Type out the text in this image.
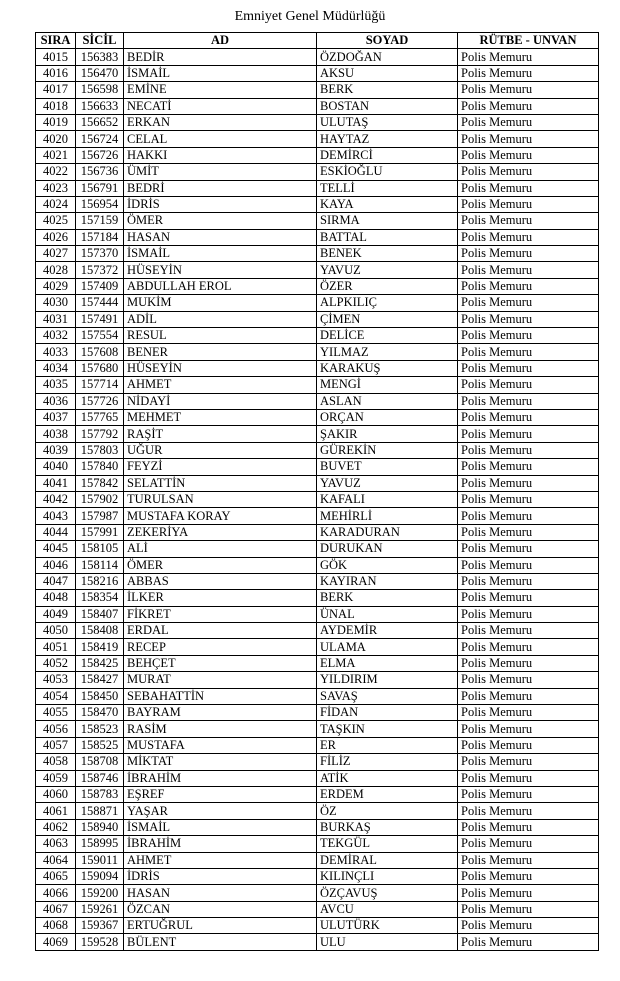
Emniyet Genel Müdürlüğü
SIRA	SİCİL	AD	SOYAD	RÜTBE - UNVAN
4015	156383	BEDİR	ÖZDOĞAN	Polis Memuru
4016	156470	İSMAİL	AKSU	Polis Memuru
4017	156598	EMİNE	BERK	Polis Memuru
4018	156633	NECATİ	BOSTAN	Polis Memuru
4019	156652	ERKAN	ULUTAŞ	Polis Memuru
4020	156724	CELAL	HAYTAZ	Polis Memuru
4021	156726	HAKKI	DEMİRCİ	Polis Memuru
4022	156736	ÜMİT	ESKİOĞLU	Polis Memuru
4023	156791	BEDRİ	TELLİ	Polis Memuru
4024	156954	İDRİS	KAYA	Polis Memuru
4025	157159	ÖMER	SIRMA	Polis Memuru
4026	157184	HASAN	BATTAL	Polis Memuru
4027	157370	İSMAİL	BENEK	Polis Memuru
4028	157372	HÜSEYİN	YAVUZ	Polis Memuru
4029	157409	ABDULLAH EROL	ÖZER	Polis Memuru
4030	157444	MUKİM	ALPKILIÇ	Polis Memuru
4031	157491	ADİL	ÇİMEN	Polis Memuru
4032	157554	RESUL	DELİCE	Polis Memuru
4033	157608	BENER	YILMAZ	Polis Memuru
4034	157680	HÜSEYİN	KARAKUŞ	Polis Memuru
4035	157714	AHMET	MENGİ	Polis Memuru
4036	157726	NİDAYİ	ASLAN	Polis Memuru
4037	157765	MEHMET	ORÇAN	Polis Memuru
4038	157792	RAŞİT	ŞAKIR	Polis Memuru
4039	157803	UĞUR	GÜREKİN	Polis Memuru
4040	157840	FEYZİ	BUVET	Polis Memuru
4041	157842	SELATTİN	YAVUZ	Polis Memuru
4042	157902	TURULSAN	KAFALI	Polis Memuru
4043	157987	MUSTAFA KORAY	MEHİRLİ	Polis Memuru
4044	157991	ZEKERİYA	KARADURAN	Polis Memuru
4045	158105	ALİ	DURUKAN	Polis Memuru
4046	158114	ÖMER	GÖK	Polis Memuru
4047	158216	ABBAS	KAYIRAN	Polis Memuru
4048	158354	İLKER	BERK	Polis Memuru
4049	158407	FİKRET	ÜNAL	Polis Memuru
4050	158408	ERDAL	AYDEMİR	Polis Memuru
4051	158419	RECEP	ULAMA	Polis Memuru
4052	158425	BEHÇET	ELMA	Polis Memuru
4053	158427	MURAT	YILDIRIM	Polis Memuru
4054	158450	SEBAHATTİN	SAVAŞ	Polis Memuru
4055	158470	BAYRAM	FİDAN	Polis Memuru
4056	158523	RASİM	TAŞKIN	Polis Memuru
4057	158525	MUSTAFA	ER	Polis Memuru
4058	158708	MİKTAT	FİLİZ	Polis Memuru
4059	158746	İBRAHİM	ATİK	Polis Memuru
4060	158783	EŞREF	ERDEM	Polis Memuru
4061	158871	YAŞAR	ÖZ	Polis Memuru
4062	158940	İSMAİL	BURKAŞ	Polis Memuru
4063	158995	İBRAHİM	TEKGÜL	Polis Memuru
4064	159011	AHMET	DEMİRAL	Polis Memuru
4065	159094	İDRİS	KILINÇLI	Polis Memuru
4066	159200	HASAN	ÖZÇAVUŞ	Polis Memuru
4067	159261	ÖZCAN	AVCU	Polis Memuru
4068	159367	ERTUĞRUL	ULUTÜRK	Polis Memuru
4069	159528	BÜLENT	ULU	Polis Memuru
